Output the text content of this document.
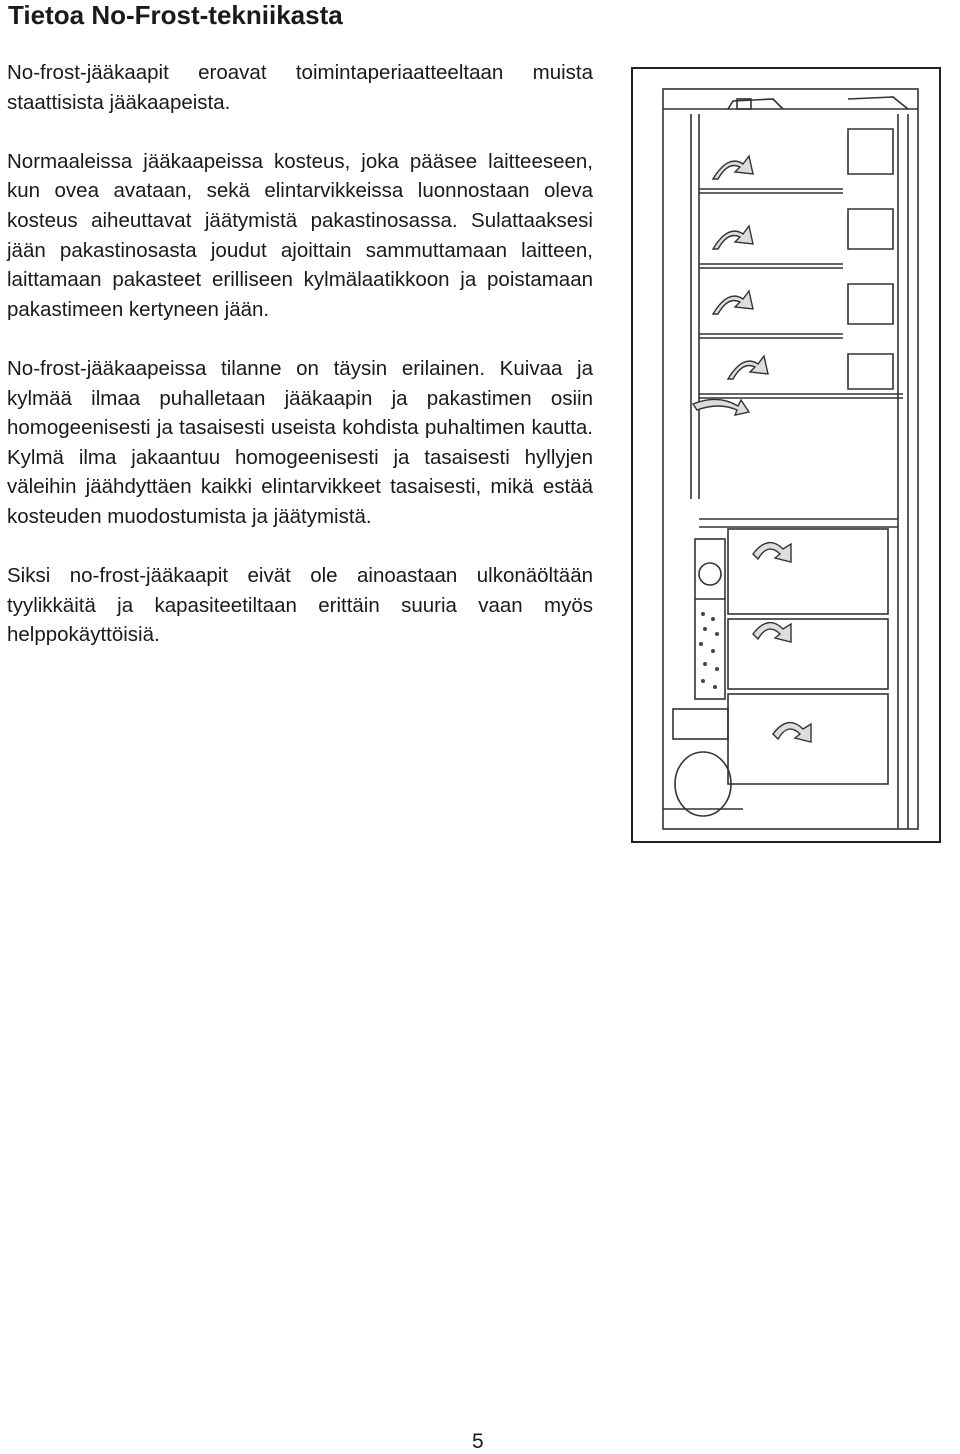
Tietoa No-Frost-tekniikasta

No-frost-jääkaapit eroavat toimintaperiaatteeltaan muista staattisista jääkaapeista.

Normaaleissa jääkaapeissa kosteus, joka pääsee laitteeseen, kun ovea avataan, sekä elintarvikkeissa luonnostaan oleva kosteus aiheuttavat jäätymistä pakastinosassa. Sulattaaksesi jään pakastinosasta joudut ajoittain sammuttamaan laitteen, laittamaan pakasteet erilliseen kylmälaatikkoon ja poistamaan pakastimeen kertyneen jään.

No-frost-jääkaapeissa tilanne on täysin erilainen. Kuivaa ja kylmää ilmaa puhalletaan jääkaapin ja pakastimen osiin homogeenisesti ja tasaisesti useista kohdista puhaltimen kautta. Kylmä ilma jakaantuu homogeenisesti ja tasaisesti hyllyjen väleihin jäähdyttäen kaikki elintarvikkeet tasaisesti, mikä estää kosteuden muodostumista ja jäätymistä.

Siksi no-frost-jääkaapit eivät ole ainoastaan ulkonäöltään tyylikkäitä ja kapasiteetiltaan erittäin suuria vaan myös helppokäyttöisiä.

5
